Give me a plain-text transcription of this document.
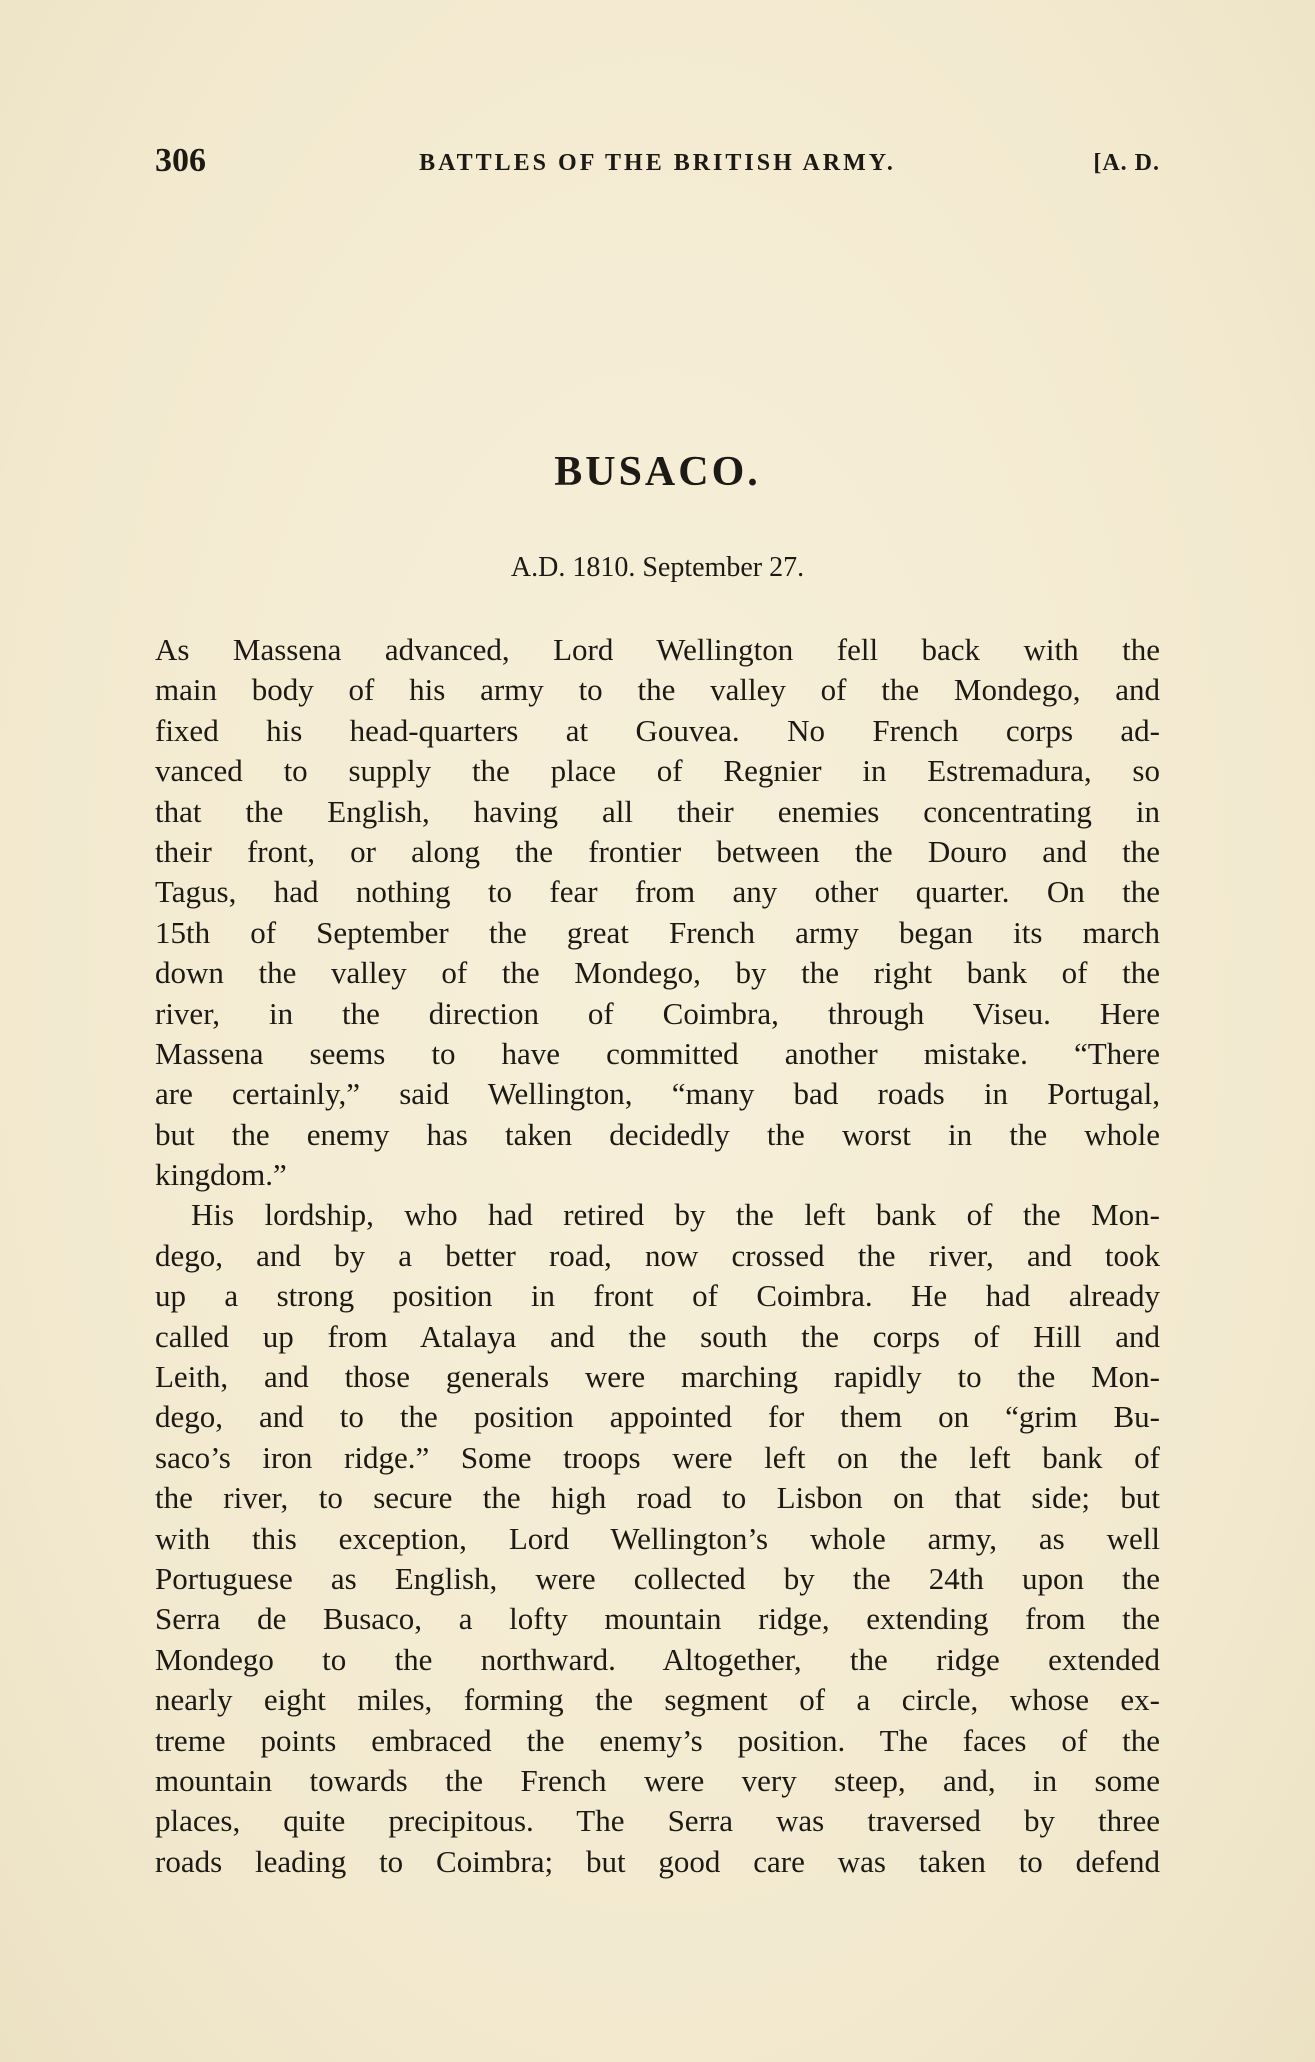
306	BATTLES OF THE BRITISH ARMY.	[A. D.
BUSACO.
A.D. 1810. September 27.
As Massena advanced, Lord Wellington fell back with the
main body of his army to the valley of the Mondego, and
fixed his head-quarters at Gouvea. No French corps ad-
vanced to supply the place of Regnier in Estremadura, so
that the English, having all their enemies concentrating in
their front, or along the frontier between the Douro and the
Tagus, had nothing to fear from any other quarter. On the
15th of September the great French army began its march
down the valley of the Mondego, by the right bank of the
river, in the direction of Coimbra, through Viseu. Here
Massena seems to have committed another mistake. “There
are certainly,” said Wellington, “many bad roads in Portugal,
but the enemy has taken decidedly the worst in the whole
kingdom.”
His lordship, who had retired by the left bank of the Mon-
dego, and by a better road, now crossed the river, and took
up a strong position in front of Coimbra. He had already
called up from Atalaya and the south the corps of Hill and
Leith, and those generals were marching rapidly to the Mon-
dego, and to the position appointed for them on “grim Bu-
saco’s iron ridge.” Some troops were left on the left bank of
the river, to secure the high road to Lisbon on that side; but
with this exception, Lord Wellington’s whole army, as well
Portuguese as English, were collected by the 24th upon the
Serra de Busaco, a lofty mountain ridge, extending from the
Mondego to the northward. Altogether, the ridge extended
nearly eight miles, forming the segment of a circle, whose ex-
treme points embraced the enemy’s position. The faces of the
mountain towards the French were very steep, and, in some
places, quite precipitous. The Serra was traversed by three
roads leading to Coimbra; but good care was taken to defend
